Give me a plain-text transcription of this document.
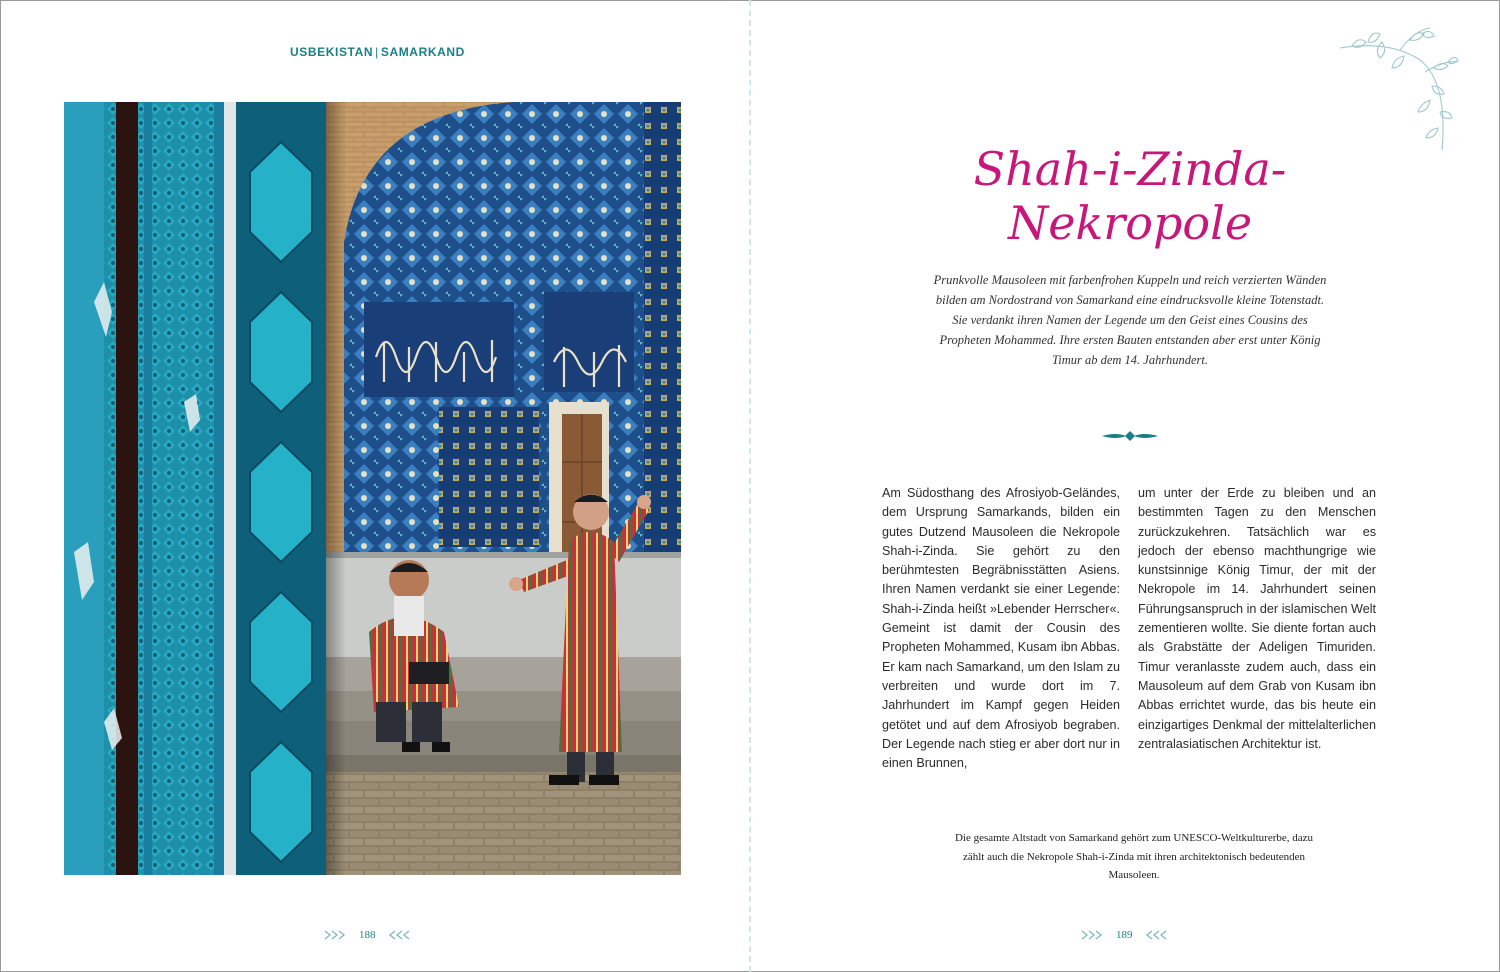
USBEKISTAN | SAMARKAND
188
Shah-i-Zinda-
Nekropole

Prunkvolle Mausoleen mit farbenfrohen Kuppeln und reich verzierten Wänden bilden am Nordostrand von Samarkand eine eindrucksvolle kleine Totenstadt. Sie verdankt ihren Namen der Legende um den Geist eines Cousins des Propheten Mohammed. Ihre ersten Bauten entstanden aber erst unter König Timur ab dem 14. Jahrhundert.

Am Südosthang des Afrosiyob-Geländes, dem Ursprung Samarkands, bilden ein gutes Dutzend Mausoleen die Nekropole Shah-i-Zinda. Sie gehört zu den berühmtesten Begräbnisstätten Asiens. Ihren Namen verdankt sie einer Legende: Shah-i-Zinda heißt »Lebender Herrscher«. Gemeint ist damit der Cousin des Propheten Mohammed, Kusam ibn Abbas. Er kam nach Samarkand, um den Islam zu verbreiten und wurde dort im 7. Jahrhundert im Kampf gegen Heiden getötet und auf dem Afrosiyob begraben. Der Legende nach stieg er aber dort nur in einen Brunnen,

um unter der Erde zu bleiben und an bestimmten Tagen zu den Menschen zurückzukehren. Tatsächlich war es jedoch der ebenso machthungrige wie kunstsinnige König Timur, der mit der Nekropole im 14. Jahrhundert seinen Führungsanspruch in der islamischen Welt zementieren wollte. Sie diente fortan auch als Grabstätte der Adeligen Timuriden. Timur veranlasste zudem auch, dass ein Mausoleum auf dem Grab von Kusam ibn Abbas errichtet wurde, das bis heute ein einzigartiges Denkmal der mittelalterlichen zentralasiatischen Architektur ist.

Die gesamte Altstadt von Samarkand gehört zum UNESCO-Weltkulturerbe, dazu zählt auch die Nekropole Shah-i-Zinda mit ihren architektonisch bedeutenden Mausoleen.

189
